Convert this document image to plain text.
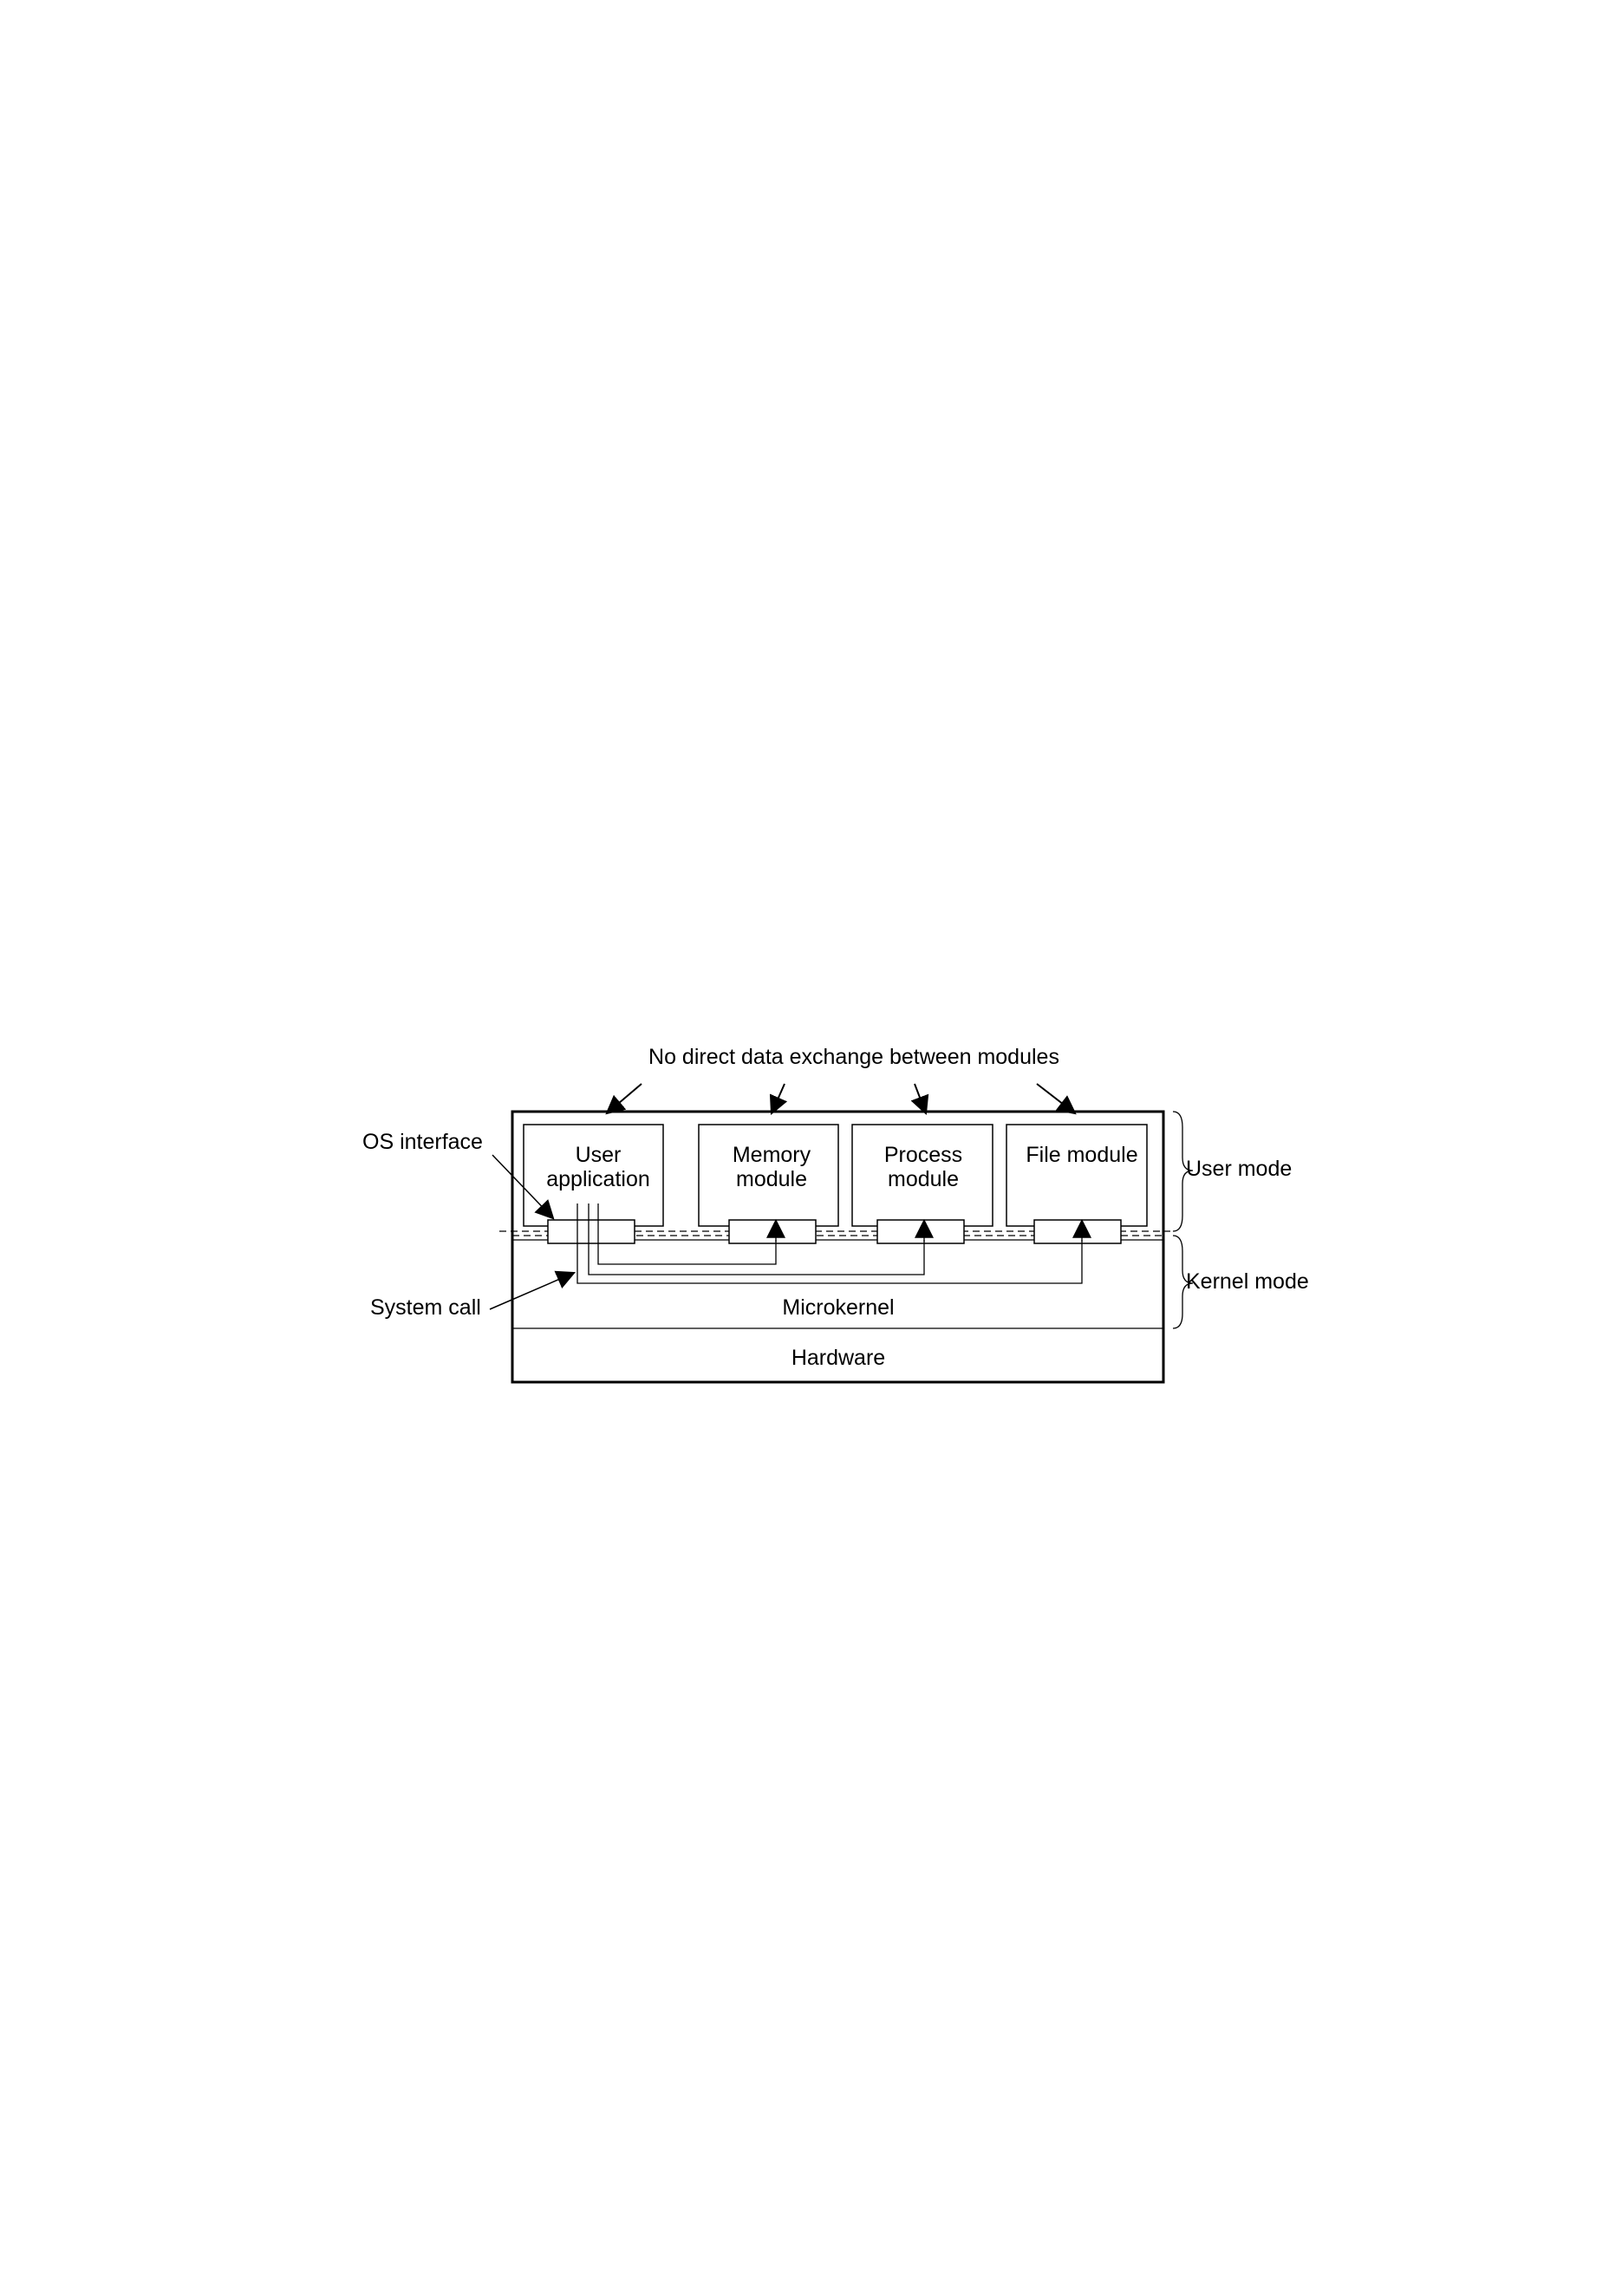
No direct data exchange between modules
User
application
Memory
module
Process
module
File module
OS interface
System call	Microkernel
Hardware
User mode
Kernel mode
